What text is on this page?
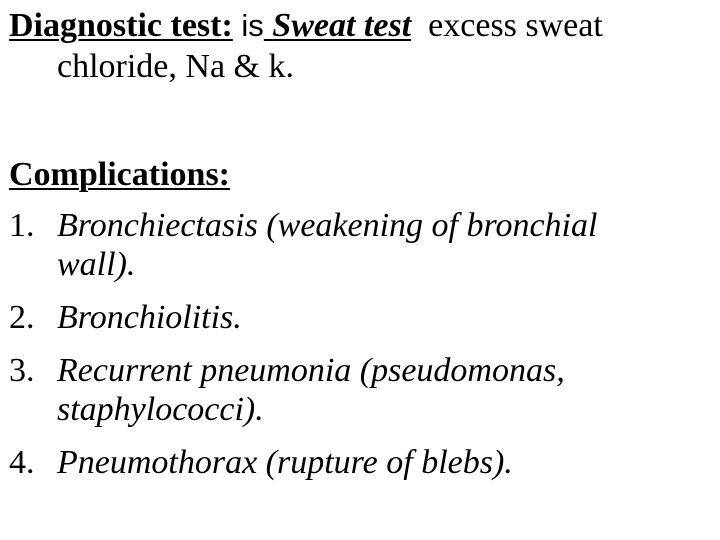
Diagnostic test: is Sweat test  excess sweat
chloride, Na & k.
Complications:
1. Bronchiectasis (weakening of bronchial
wall).
2. Bronchiolitis.
3. Recurrent pneumonia (pseudomonas,
staphylococci).
4. Pneumothorax (rupture of blebs).
